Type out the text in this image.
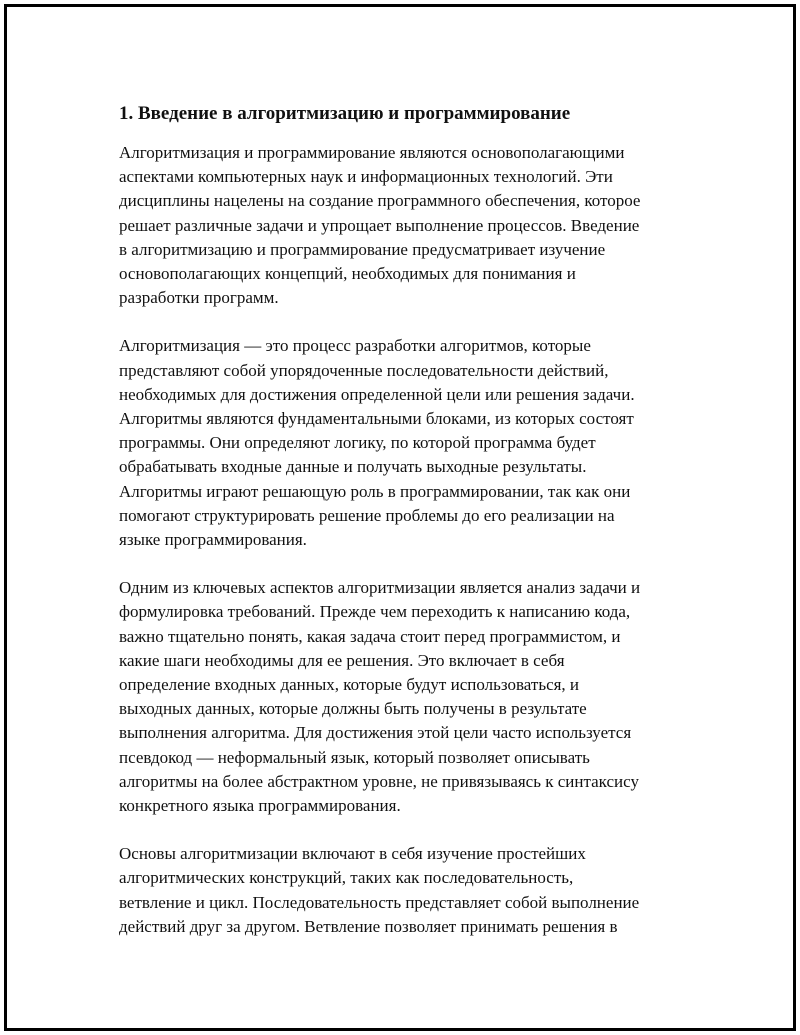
1. Введение в алгоритмизацию и программирование

Алгоритмизация и программирование являются основополагающими
аспектами компьютерных наук и информационных технологий. Эти
дисциплины нацелены на создание программного обеспечения, которое
решает различные задачи и упрощает выполнение процессов. Введение
в алгоритмизацию и программирование предусматривает изучение
основополагающих концепций, необходимых для понимания и
разработки программ.

Алгоритмизация — это процесс разработки алгоритмов, которые
представляют собой упорядоченные последовательности действий,
необходимых для достижения определенной цели или решения задачи.
Алгоритмы являются фундаментальными блоками, из которых состоят
программы. Они определяют логику, по которой программа будет
обрабатывать входные данные и получать выходные результаты.
Алгоритмы играют решающую роль в программировании, так как они
помогают структурировать решение проблемы до его реализации на
языке программирования.

Одним из ключевых аспектов алгоритмизации является анализ задачи и
формулировка требований. Прежде чем переходить к написанию кода,
важно тщательно понять, какая задача стоит перед программистом, и
какие шаги необходимы для ее решения. Это включает в себя
определение входных данных, которые будут использоваться, и
выходных данных, которые должны быть получены в результате
выполнения алгоритма. Для достижения этой цели часто используется
псевдокод — неформальный язык, который позволяет описывать
алгоритмы на более абстрактном уровне, не привязываясь к синтаксису
конкретного языка программирования.

Основы алгоритмизации включают в себя изучение простейших
алгоритмических конструкций, таких как последовательность,
ветвление и цикл. Последовательность представляет собой выполнение
действий друг за другом. Ветвление позволяет принимать решения в
